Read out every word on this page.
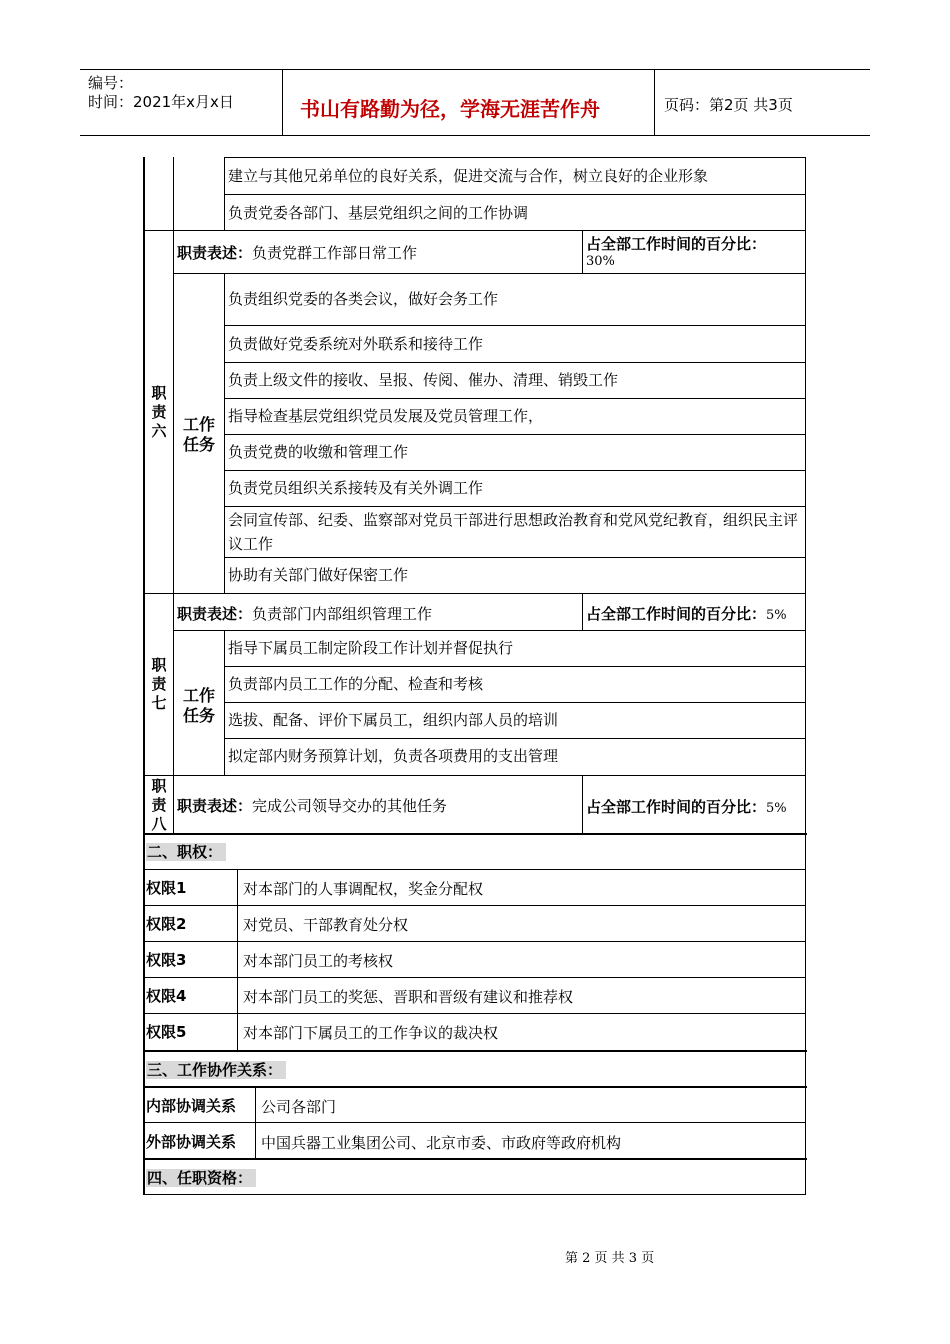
编号：
时间：2021年x月x日	书山有路勤为径，学海无涯苦作舟	页码：第2页 共3页
建立与其他兄弟单位的良好关系，促进交流与合作，树立良好的企业形象
负责党委各部门、基层党组织之间的工作协调
职责六
职责表述：负责党群工作部日常工作	占全部工作时间的百分比：
30%
工作任务
负责组织党委的各类会议，做好会务工作
负责做好党委系统对外联系和接待工作
负责上级文件的接收、呈报、传阅、催办、清理、销毁工作
指导检查基层党组织党员发展及党员管理工作，
负责党费的收缴和管理工作
负责党员组织关系接转及有关外调工作
会同宣传部、纪委、监察部对党员干部进行思想政治教育和党风党纪教育，组织民主评议工作
协助有关部门做好保密工作
职责七
职责表述：负责部门内部组织管理工作	占全部工作时间的百分比：5%
工作任务
指导下属员工制定阶段工作计划并督促执行
负责部内员工工作的分配、检查和考核
选拔、配备、评价下属员工，组织内部人员的培训
拟定部内财务预算计划，负责各项费用的支出管理
职责八
职责表述：完成公司领导交办的其他任务	占全部工作时间的百分比：5%
二、职权：
权限1	对本部门的人事调配权，奖金分配权
权限2	对党员、干部教育处分权
权限3	对本部门员工的考核权
权限4	对本部门员工的奖惩、晋职和晋级有建议和推荐权
权限5	对本部门下属员工的工作争议的裁决权
三、工作协作关系：
内部协调关系 公司各部门
外部协调关系 中国兵器工业集团公司、北京市委、市政府等政府机构
四、任职资格：
第 2 页 共 3 页
